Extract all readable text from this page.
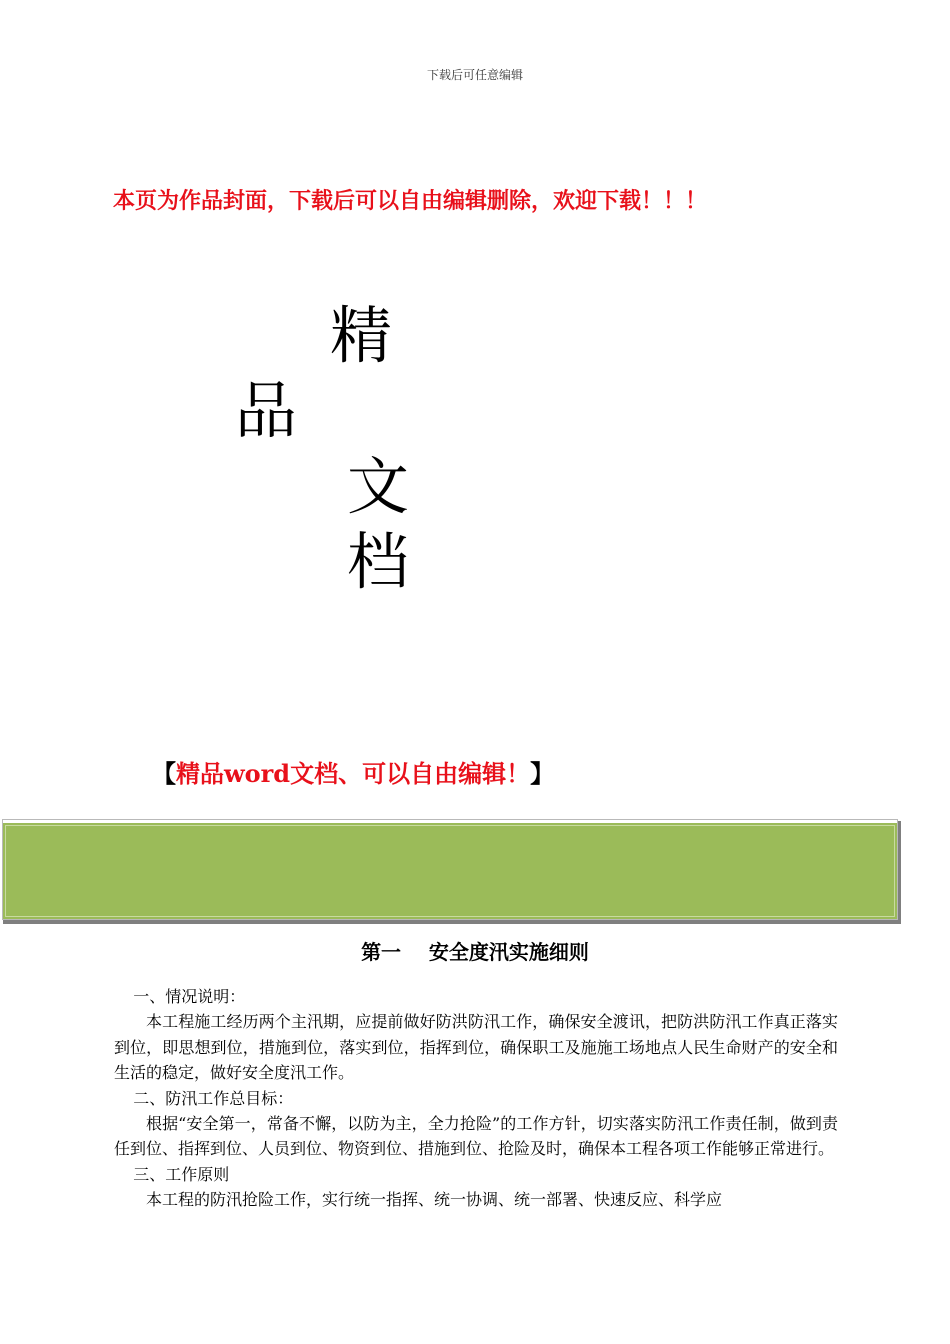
下载后可任意编辑
本页为作品封面，下载后可以自由编辑删除，欢迎下载！！！
精
品
文
档
【精品word文档、可以自由编辑！】
第一    安全度汛实施细则

一、情况说明：

本工程施工经历两个主汛期，应提前做好防洪防汛工作，确保安全渡讯，把防洪防汛工作真正落实到位，即思想到位，措施到位，落实到位，指挥到位，确保职工及施施工场地点人民生命财产的安全和生活的稳定，做好安全度汛工作。

二、防汛工作总目标：

根据“安全第一，常备不懈，以防为主，全力抢险”的工作方针，切实落实防汛工作责任制，做到责任到位、指挥到位、人员到位、物资到位、措施到位、抢险及时，确保本工程各项工作能够正常进行。

三、工作原则

本工程的防汛抢险工作，实行统一指挥、统一协调、统一部署、快速反应、科学应
